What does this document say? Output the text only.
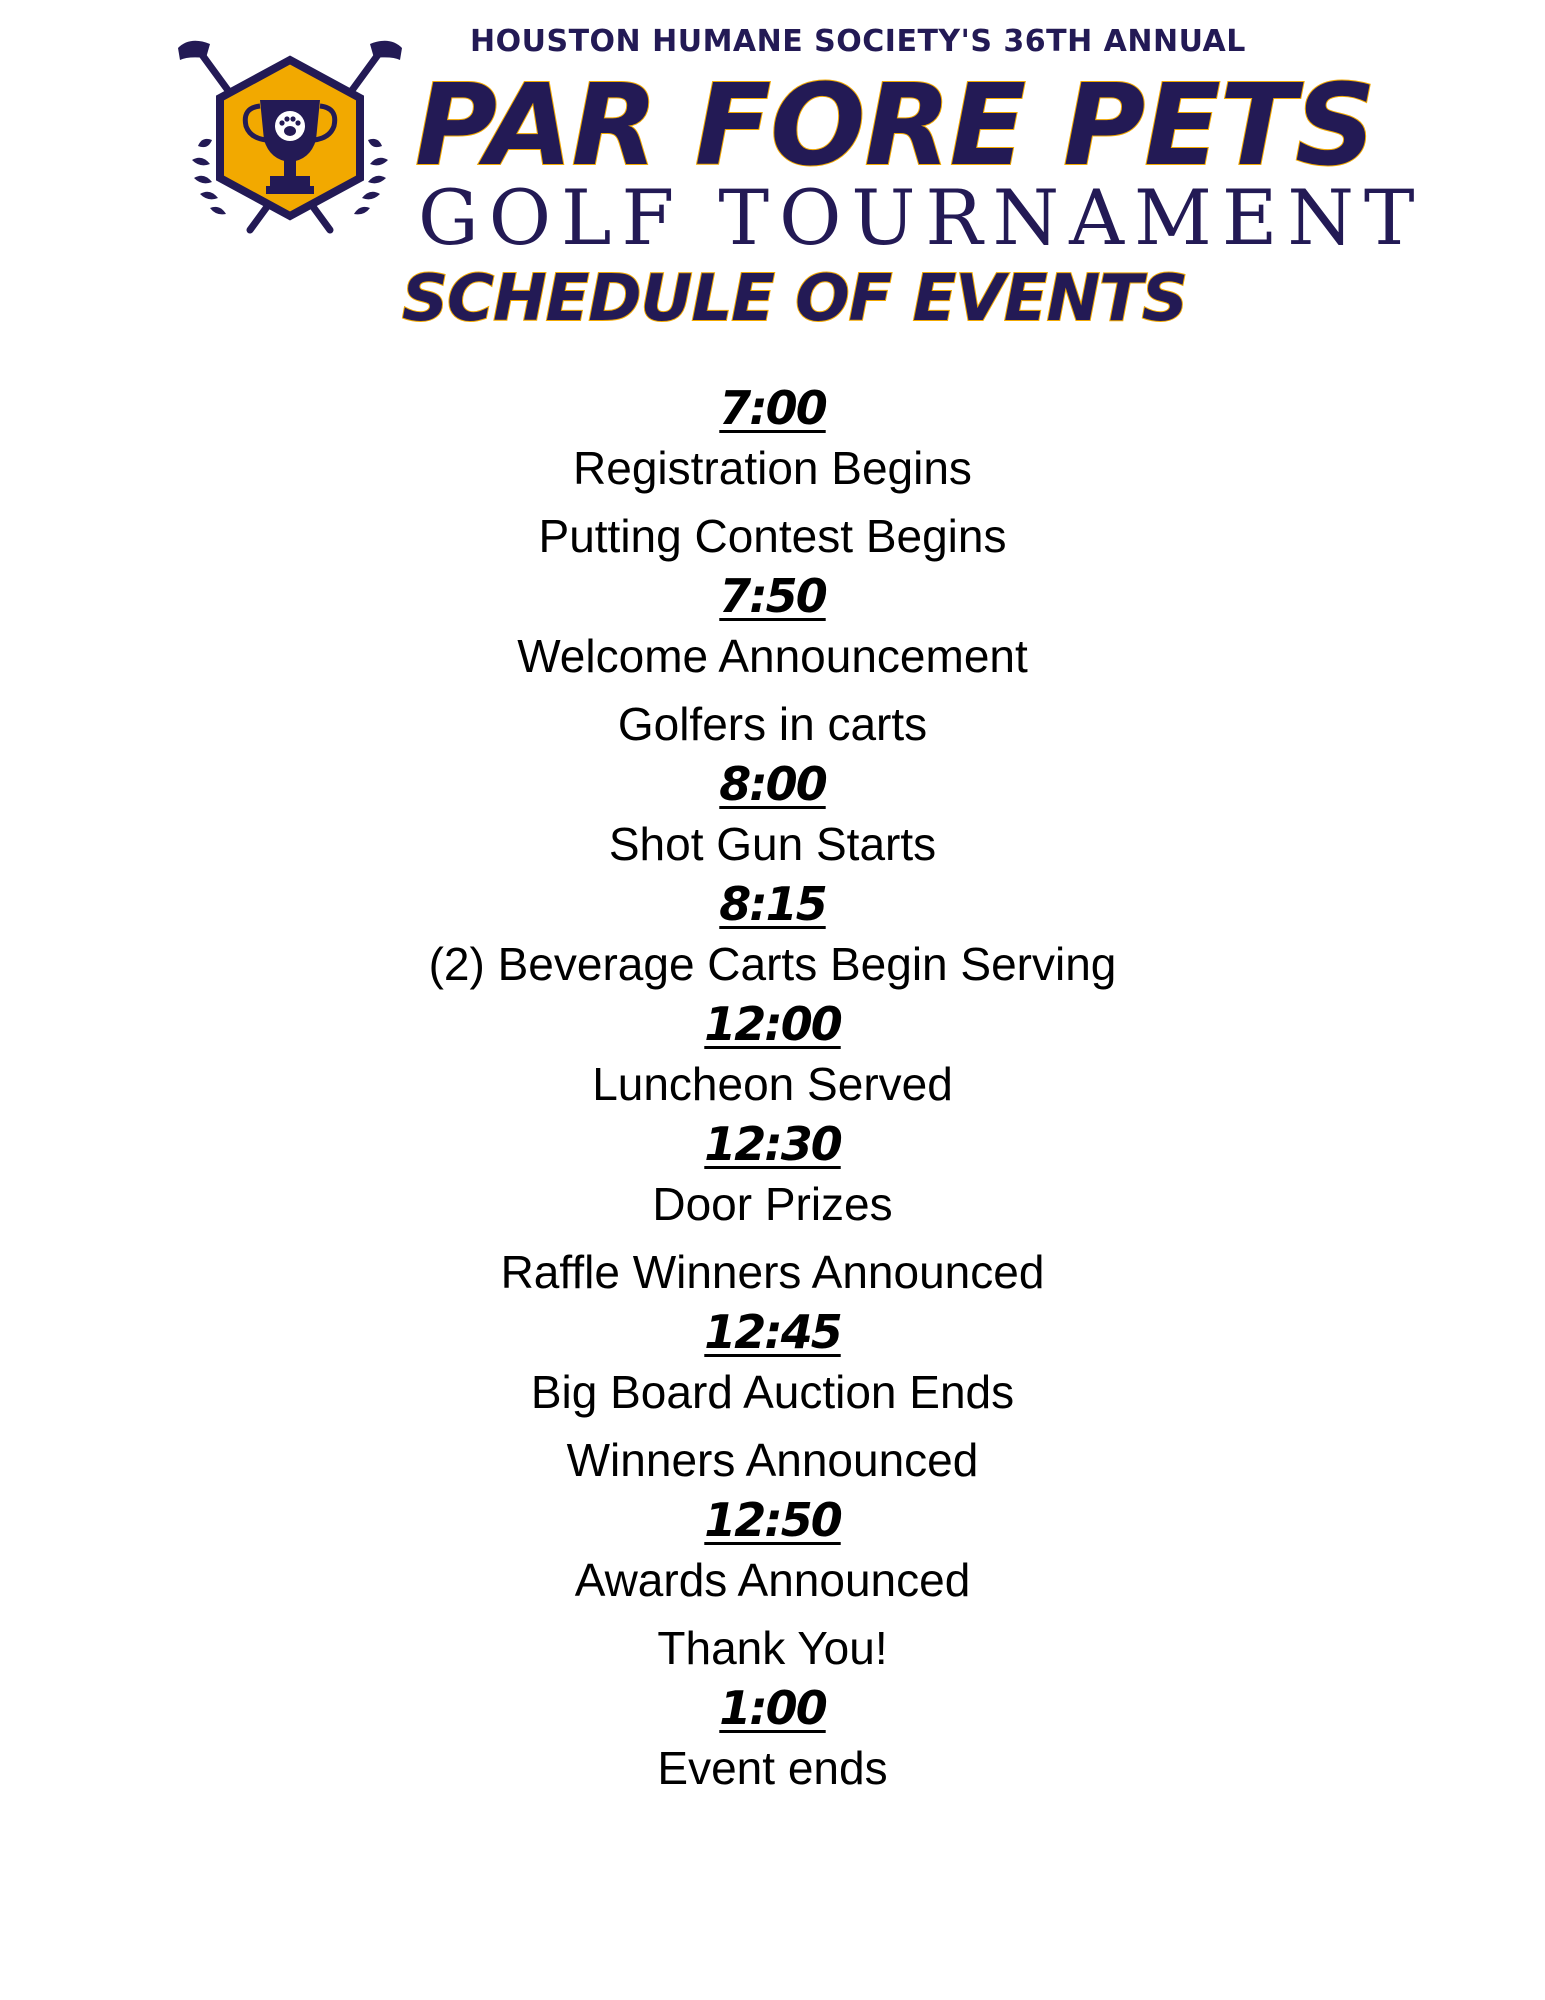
HOUSTON HUMANE SOCIETY'S 36TH ANNUAL
PAR FORE PETS
GOLF TOURNAMENT
SCHEDULE OF EVENTS
7:00
Registration Begins
Putting Contest Begins
7:50
Welcome Announcement
Golfers in carts
8:00
Shot Gun Starts
8:15
(2) Beverage Carts Begin Serving
12:00
Luncheon Served
12:30
Door Prizes
Raffle Winners Announced
12:45
Big Board Auction Ends
Winners Announced
12:50
Awards Announced
Thank You!
1:00
Event ends
